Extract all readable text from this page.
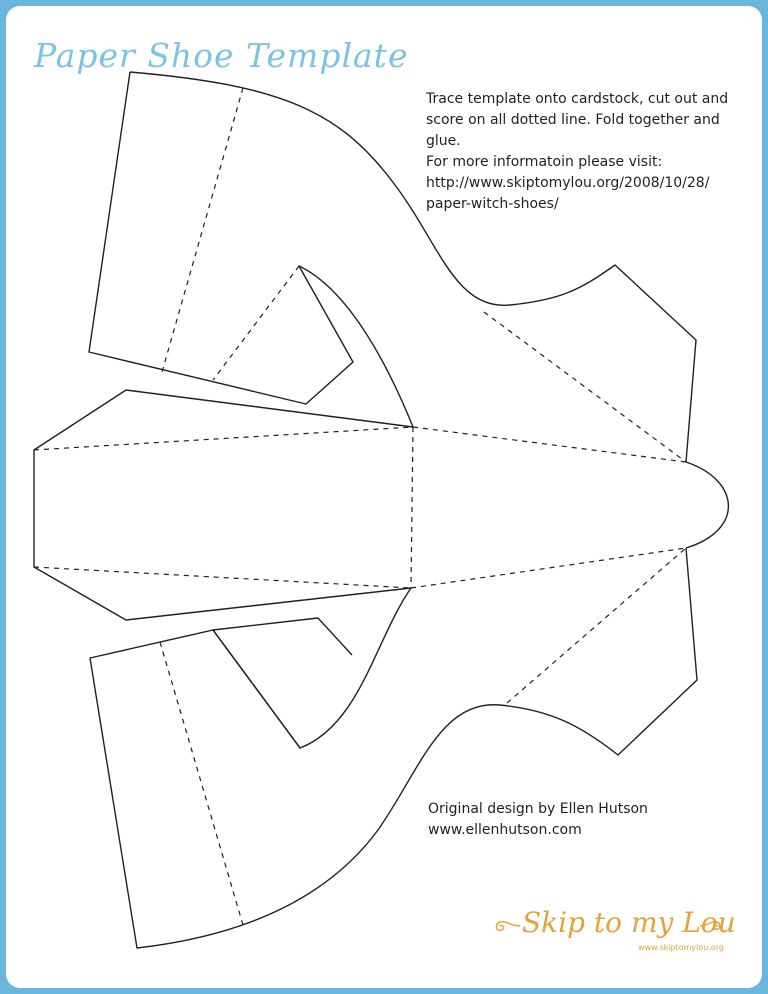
Paper Shoe Template
Trace template onto cardstock, cut out and
score on all dotted line. Fold together and
glue.
For more informatoin please visit:
http://www.skiptomylou.org/2008/10/28/
paper-witch-shoes/
Original design by Ellen Hutson
www.ellenhutson.com
Skip to my Lou
www.skiptomylou.org
